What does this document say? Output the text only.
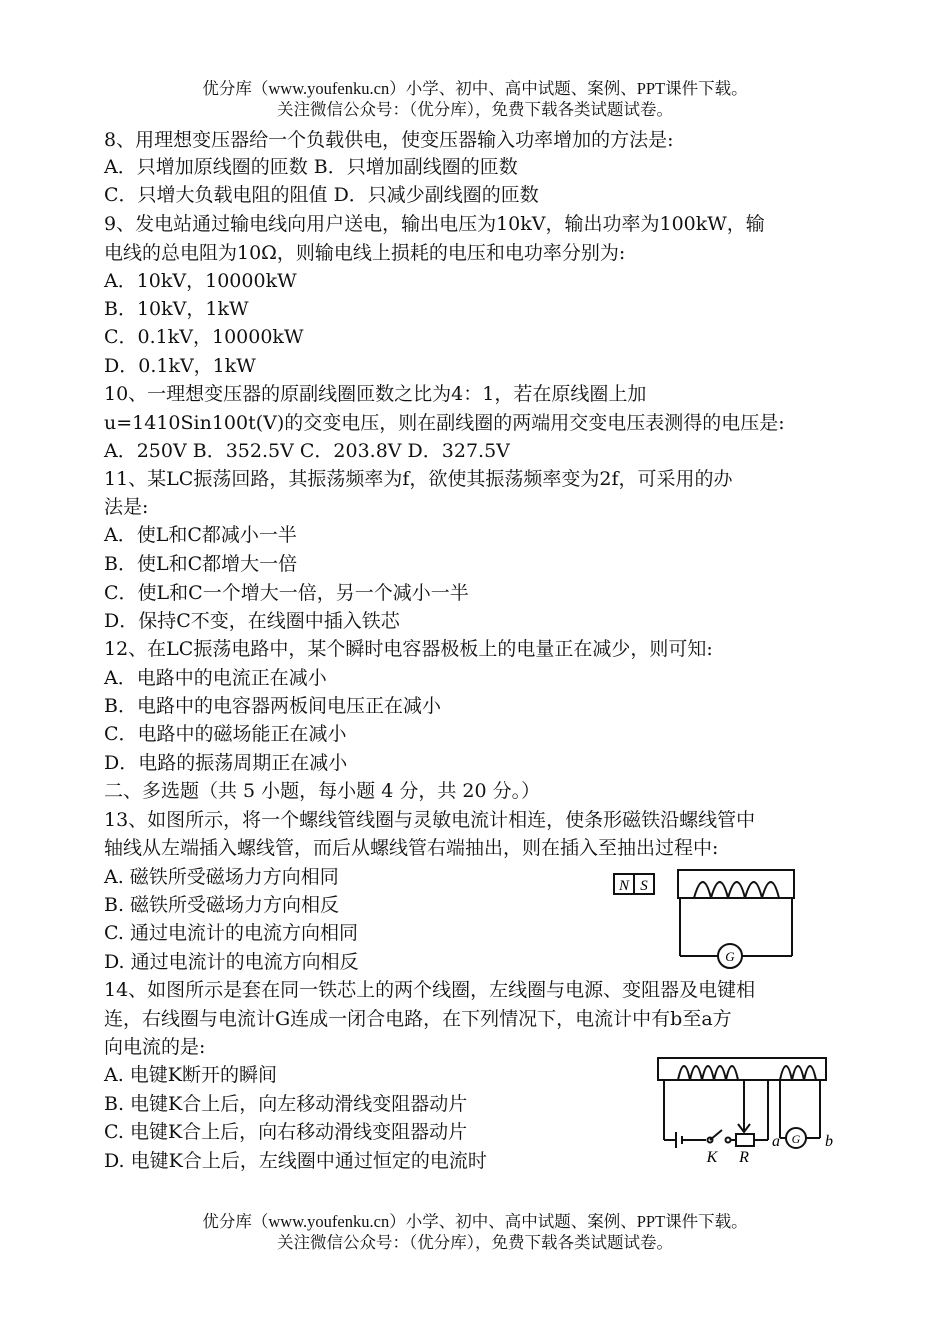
优分库（www.youfenku.cn）小学、初中、高中试题、案例、PPT课件下载。
关注微信公众号：（优分库），免费下载各类试题试卷。
8、用理想变压器给一个负载供电，使变压器输入功率增加的方法是:
A．只增加原线圈的匝数 B．只增加副线圈的匝数
C．只增大负载电阻的阻值 D．只减少副线圈的匝数
9、发电站通过输电线向用户送电，输出电压为10kV，输出功率为100kW，输
电线的总电阻为10Ω，则输电线上损耗的电压和电功率分别为:
A．10kV，10000kW
B．10kV，1kW
C．0.1kV，10000kW
D．0.1kV，1kW
10、一理想变压器的原副线圈匝数之比为4：1，若在原线圈上加
u=1410Sin100t(V)的交变电压，则在副线圈的两端用交变电压表测得的电压是:
A．250V B．352.5V C．203.8V D．327.5V
11、某LC振荡回路，其振荡频率为f，欲使其振荡频率变为2f，可采用的办
法是:
A．使L和C都减小一半
B．使L和C都增大一倍
C．使L和C一个增大一倍，另一个减小一半
D．保持C不变，在线圈中插入铁芯
12、在LC振荡电路中，某个瞬时电容器极板上的电量正在减少，则可知:
A．电路中的电流正在减小
B．电路中的电容器两板间电压正在减小
C．电路中的磁场能正在减小
D．电路的振荡周期正在减小
二、多选题（共 5 小题，每小题 4 分，共 20 分。）
13、如图所示，将一个螺线管线圈与灵敏电流计相连，使条形磁铁沿螺线管中
轴线从左端插入螺线管，而后从螺线管右端抽出，则在插入至抽出过程中:
A. 磁铁所受磁场力方向相同
B. 磁铁所受磁场力方向相反
C. 通过电流计的电流方向相同
D. 通过电流计的电流方向相反
14、如图所示是套在同一铁芯上的两个线圈，左线圈与电源、变阻器及电键相
连，右线圈与电流计G连成一闭合电路，在下列情况下，电流计中有b至a方
向电流的是:
A. 电键K断开的瞬间
B. 电键K合上后，向左移动滑线变阻器动片
C. 电键K合上后，向右移动滑线变阻器动片
D. 电键K合上后，左线圈中通过恒定的电流时
N S
G
K R
a G b
优分库（www.youfenku.cn）小学、初中、高中试题、案例、PPT课件下载。
关注微信公众号：（优分库），免费下载各类试题试卷。
